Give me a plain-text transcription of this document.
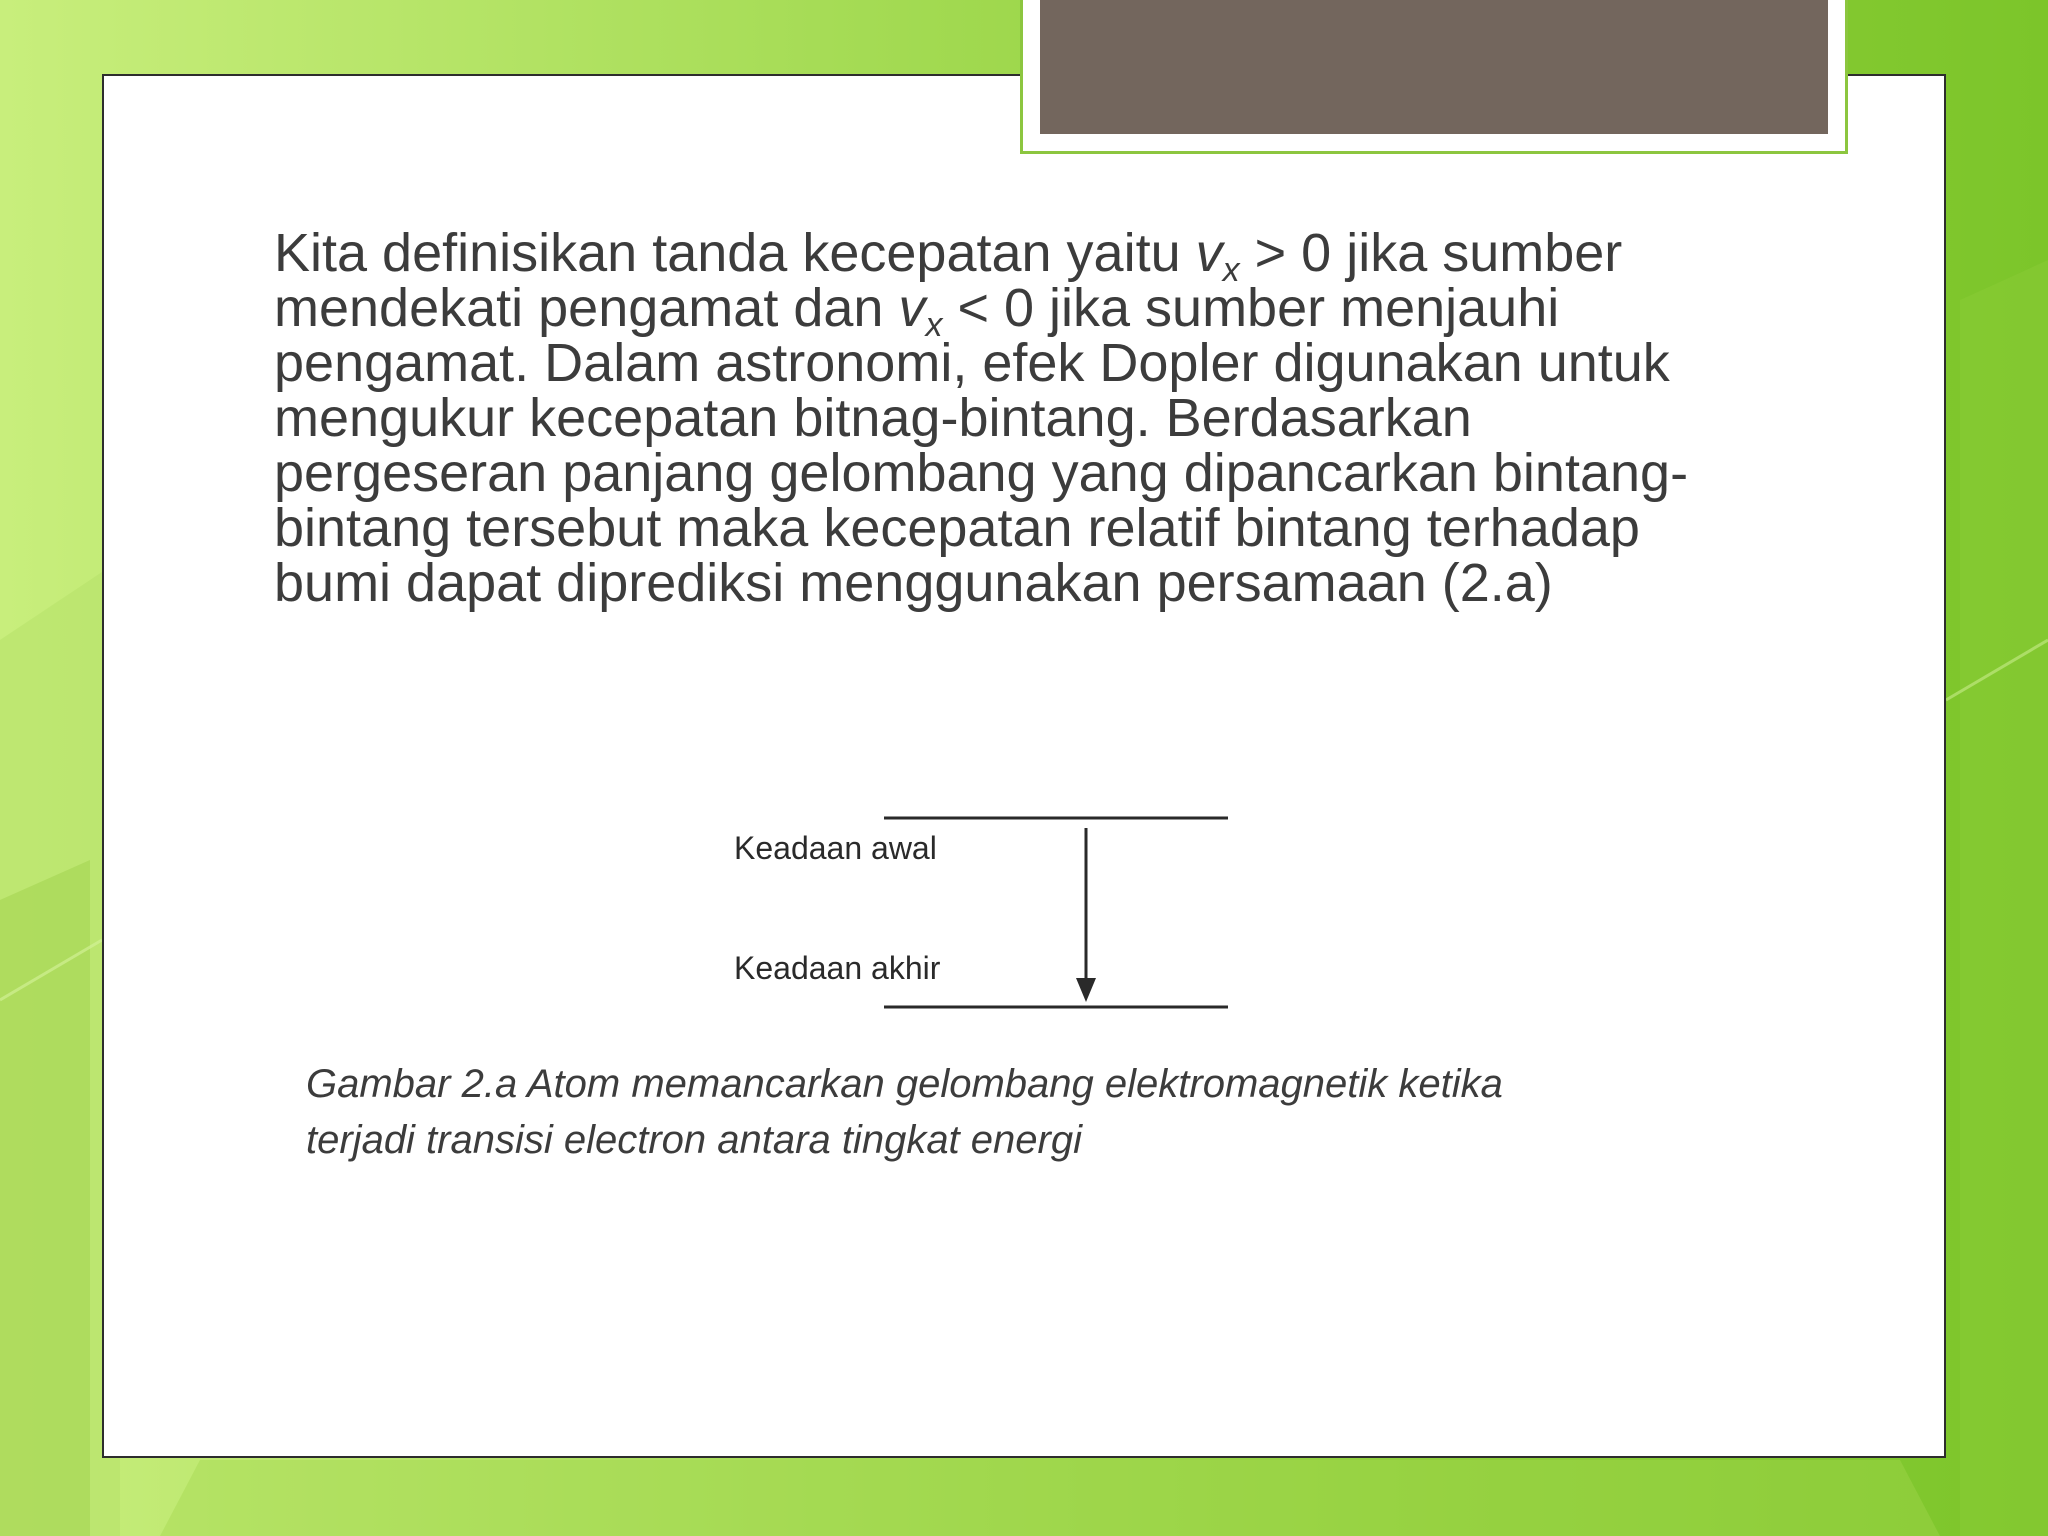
Kita definisikan tanda kecepatan yaitu $v_x > 0$ jika sumber mendekati pengamat dan $v_x < 0$ jika sumber menjauhi pengamat. Dalam astronomi, efek Dopler digunakan untuk mengukur kecepatan bitnag-bintang. Berdasarkan pergeseran panjang gelombang yang dipancarkan bintang-bintang tersebut maka kecepatan relatif bintang terhadap bumi dapat diprediksi menggunakan persamaan (2.a)

Keadaan awal
Keadaan akhir
Gambar 2.a Atom memancarkan gelombang elektromagnetik ketika
terjadi transisi electron antara tingkat energi
